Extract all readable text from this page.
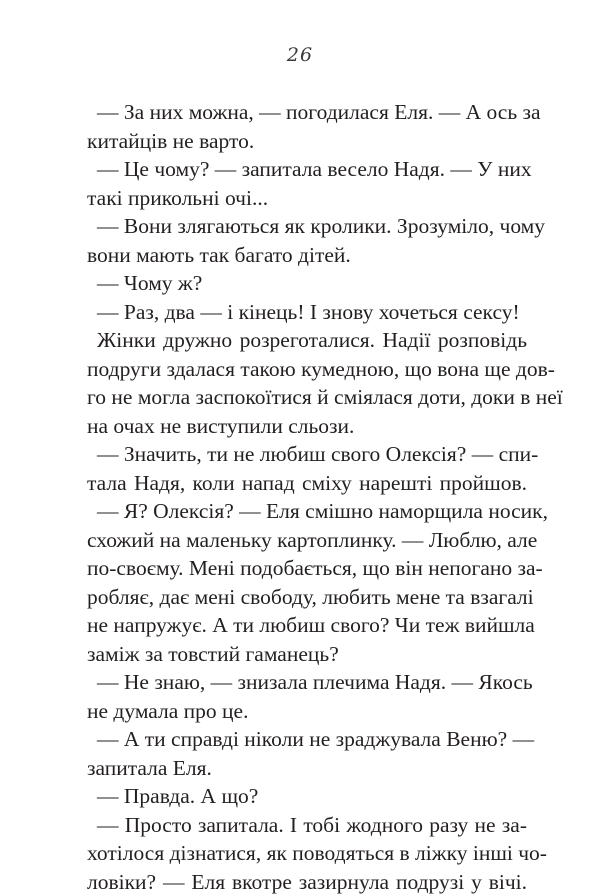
26
— За них можна, — погодилася Еля. — А ось за
китайців не варто.
— Це чому? — запитала весело Надя. — У них
такі прикольні очі...
— Вони злягаються як кролики. Зрозуміло, чому
вони мають так багато дітей.
— Чому ж?
— Раз, два — і кінець! І знову хочеться сексу!
Жінки дружно розреготалися. Надії розповідь
подруги здалася такою кумедною, що вона ще дов-
го не могла заспокоїтися й сміялася доти, доки в неї
на очах не виступили сльози.
— Значить, ти не любиш свого Олексія? — спи-
тала Надя, коли напад сміху нарешті пройшов.
— Я? Олексія? — Еля смішно наморщила носик,
схожий на маленьку картоплинку. — Люблю, але
по-своєму. Мені подобається, що він непогано за-
робляє, дає мені свободу, любить мене та взагалі
не напружує. А ти любиш свого? Чи теж вийшла
заміж за товстий гаманець?
— Не знаю, — знизала плечима Надя. — Якось
не думала про це.
— А ти справді ніколи не зраджувала Веню? —
запитала Еля.
— Правда. А що?
— Просто запитала. І тобі жодного разу не за-
хотілося дізнатися, як поводяться в ліжку інші чо-
ловіки? — Еля вкотре зазирнула подрузі у вічі.
